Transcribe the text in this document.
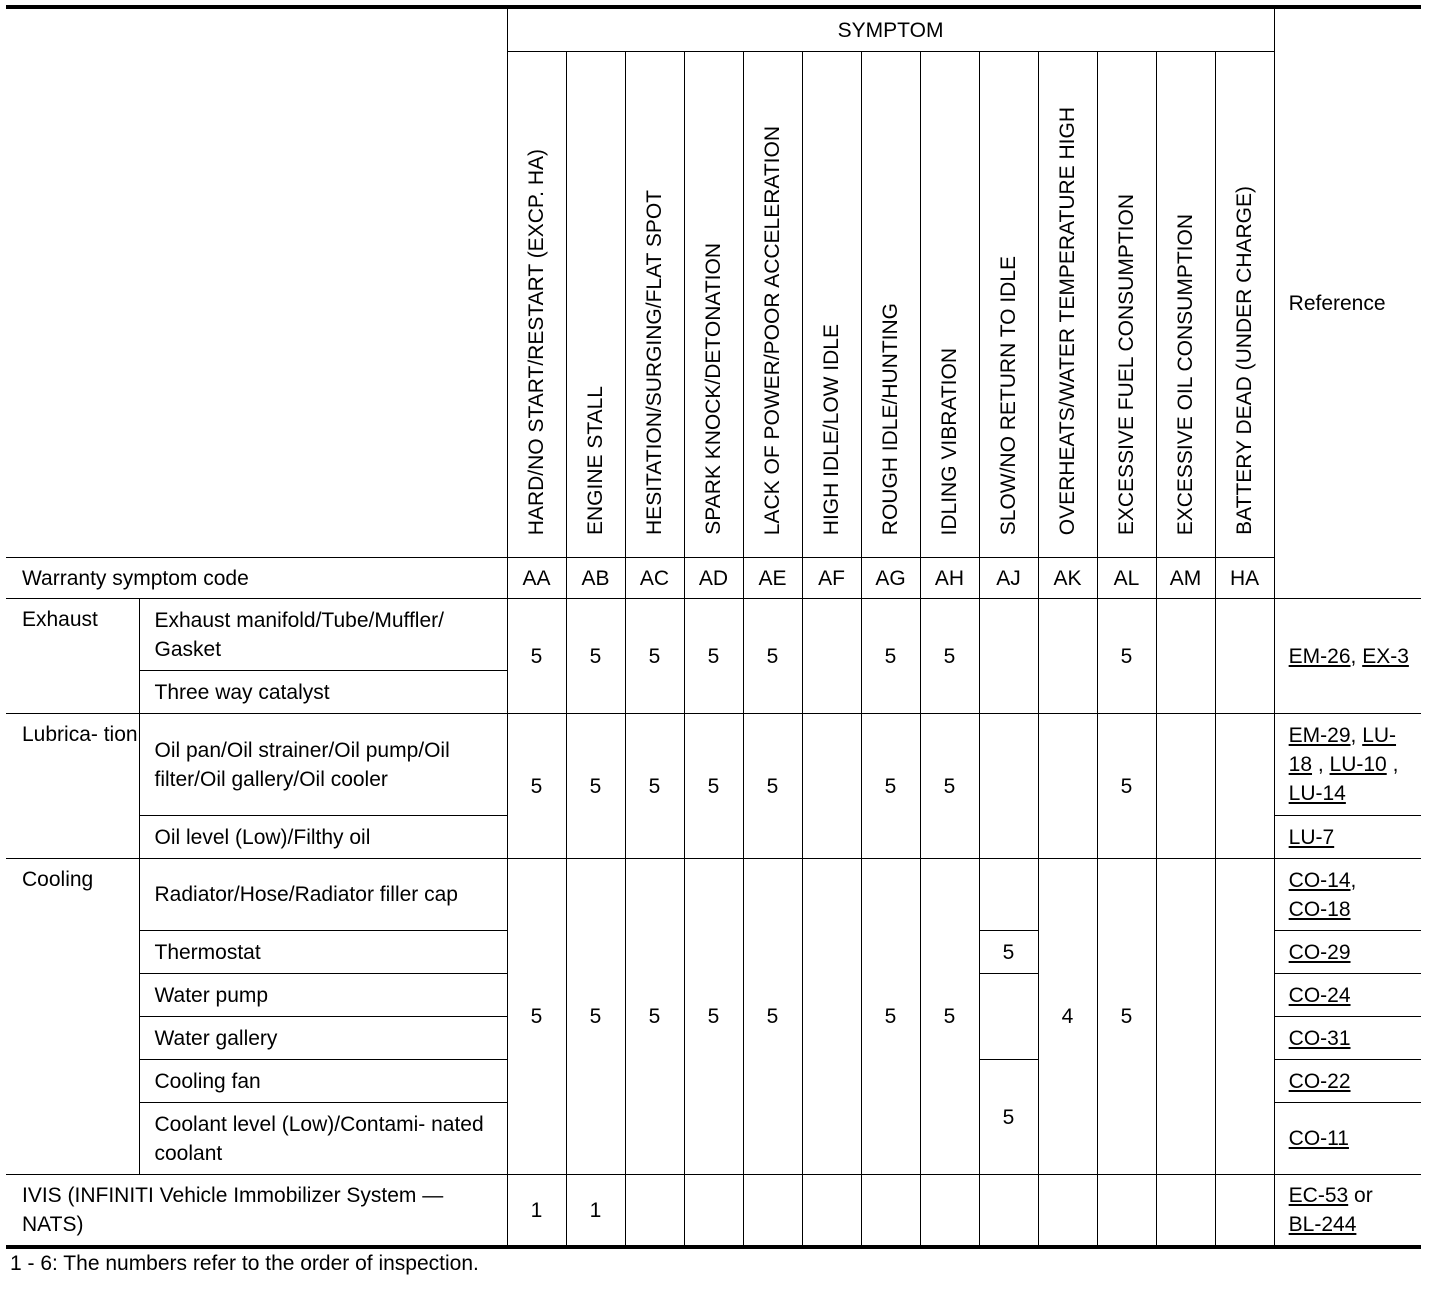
		SYMPTOM													Reference
		HARD/NO START/RESTART (EXCP. HA)	ENGINE STALL	HESITATION/SURGING/FLAT SPOT	SPARK KNOCK/DETONATION	LACK OF POWER/POOR ACCELERATION	HIGH IDLE/LOW IDLE	ROUGH IDLE/HUNTING	IDLING VIBRATION	SLOW/NO RETURN TO IDLE	OVERHEATS/WATER TEMPERATURE HIGH	EXCESSIVE FUEL CONSUMPTION	EXCESSIVE OIL CONSUMPTION	BATTERY DEAD (UNDER CHARGE)	
Warranty symptom code		AA	AB	AC	AD	AE	AF	AG	AH	AJ	AK	AL	AM	HA	
Exhaust	Exhaust manifold/Tube/Muffler/ Gasket	5	5	5	5	5		5	5			5			EM-26, EX-3
	Three way catalyst														
Lubrica- tion	Oil pan/Oil strainer/Oil pump/Oil filter/Oil gallery/Oil cooler	5	5	5	5	5		5	5			5			EM-29, LU-18 , LU-10 , LU-14
	Oil level (Low)/Filthy oil														LU-7
Cooling	Radiator/Hose/Radiator filler cap	5	5	5	5	5		5	5		4	5			CO-14,
CO-18
	Thermostat									5					CO-29
	Water pump														CO-24
	Water gallery														CO-31
	Cooling fan									5					CO-22
	Coolant level (Low)/Contami- nated coolant														CO-11
IVIS (INFINITI Vehicle Immobilizer System — NATS)		1	1												EC-53 or
BL-244
1 - 6: The numbers refer to the order of inspection.
